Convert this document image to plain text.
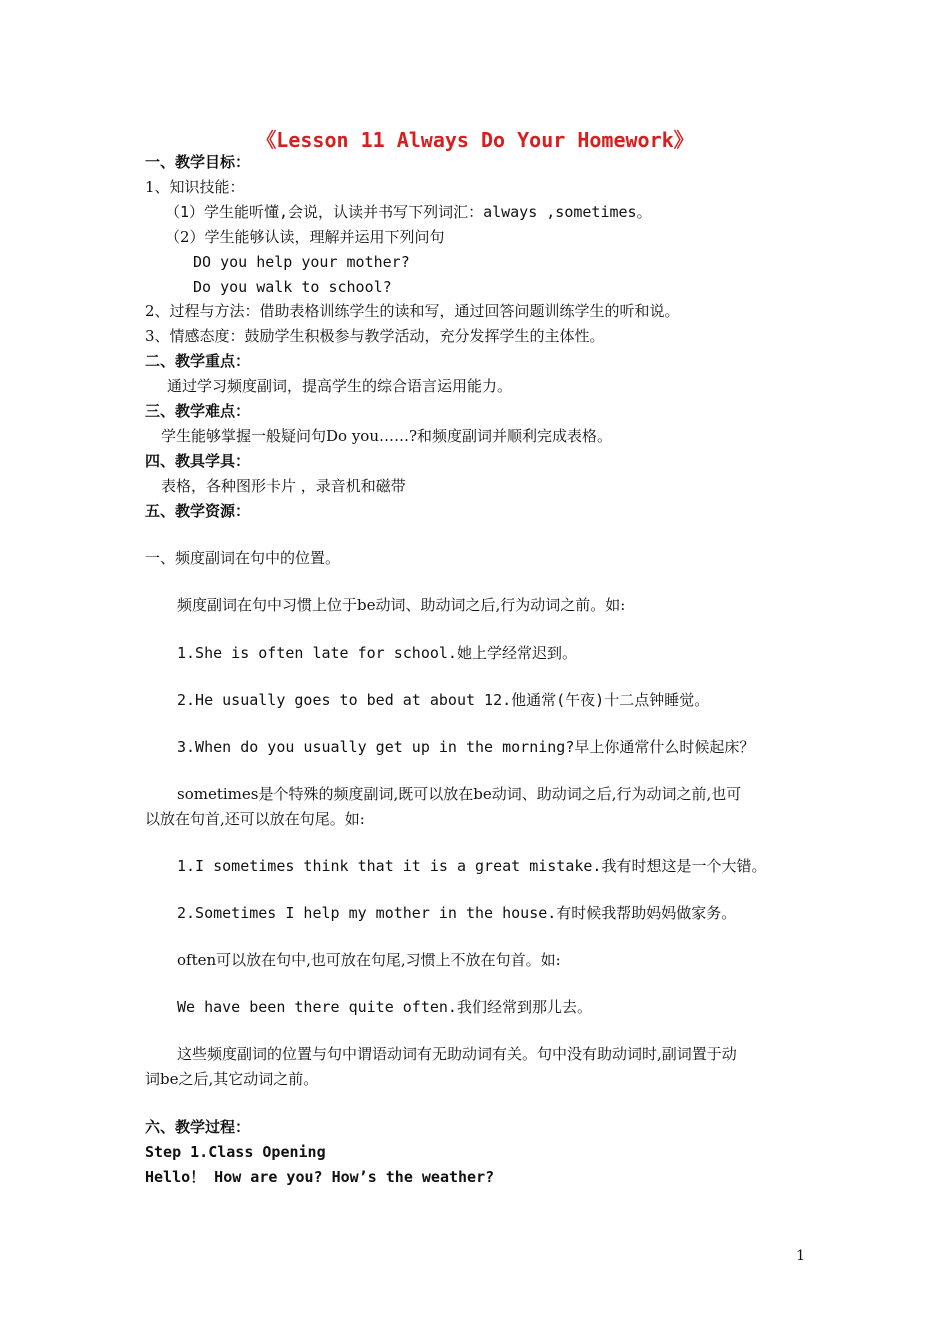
《Lesson 11 Always Do Your Homework》
一、教学目标：
1、知识技能：
（1）学生能听懂,会说，认读并书写下列词汇：always ,sometimes。
（2）学生能够认读，理解并运用下列问句
DO you help your mother?
Do you walk to school?
2、过程与方法：借助表格训练学生的读和写，通过回答问题训练学生的听和说。
3、情感态度：鼓励学生积极参与教学活动，充分发挥学生的主体性。
二、教学重点：
通过学习频度副词，提高学生的综合语言运用能力。
三、教学难点：
学生能够掌握一般疑问句Do you……?和频度副词并顺利完成表格。
四、教具学具：
表格，各种图形卡片 ，录音机和磁带
五、教学资源：
一、频度副词在句中的位置。
频度副词在句中习惯上位于be动词、助动词之后,行为动词之前。如:
1.She is often late for school.她上学经常迟到。
2.He usually goes to bed at about 12.他通常(午夜)十二点钟睡觉。
3.When do you usually get up in the morning?早上你通常什么时候起床？
sometimes是个特殊的频度副词,既可以放在be动词、助动词之后,行为动词之前,也可
以放在句首,还可以放在句尾。如:
1.I sometimes think that it is a great mistake.我有时想这是一个大错。
2.Sometimes I help my mother in the house.有时候我帮助妈妈做家务。
often可以放在句中,也可放在句尾,习惯上不放在句首。如:
We have been there quite often.我们经常到那儿去。
这些频度副词的位置与句中谓语动词有无助动词有关。句中没有助动词时,副词置于动
词be之后,其它动词之前。
六、教学过程：
Step 1.Class Opening
Hello！ How are you? How’s the weather?
1
